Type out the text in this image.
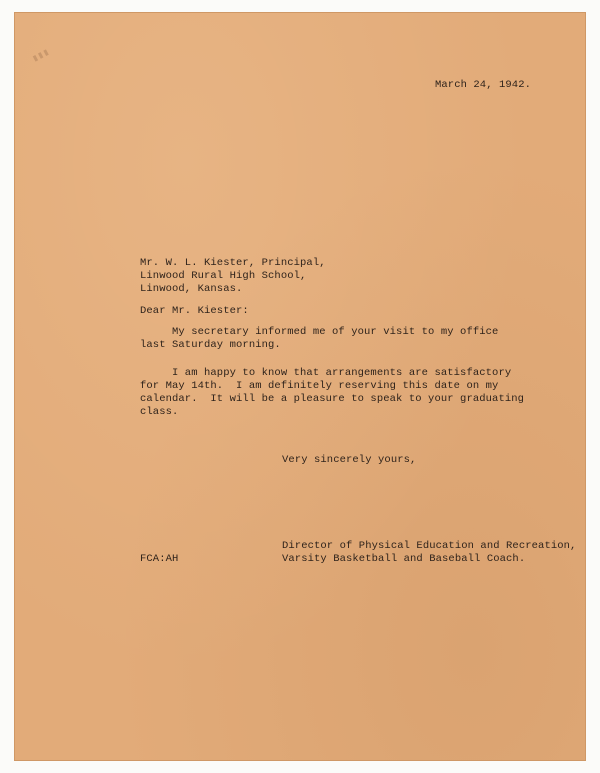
▮▮▮
March 24, 1942.
Mr. W. L. Kiester, Principal,
Linwood Rural High School,
Linwood, Kansas.
Dear Mr. Kiester:
My secretary informed me of your visit to my office
last Saturday morning.
I am happy to know that arrangements are satisfactory
for May 14th.  I am definitely reserving this date on my
calendar.  It will be a pleasure to speak to your graduating
class.
Very sincerely yours,
Director of Physical Education and Recreation,
Varsity Basketball and Baseball Coach.
FCA:AH
